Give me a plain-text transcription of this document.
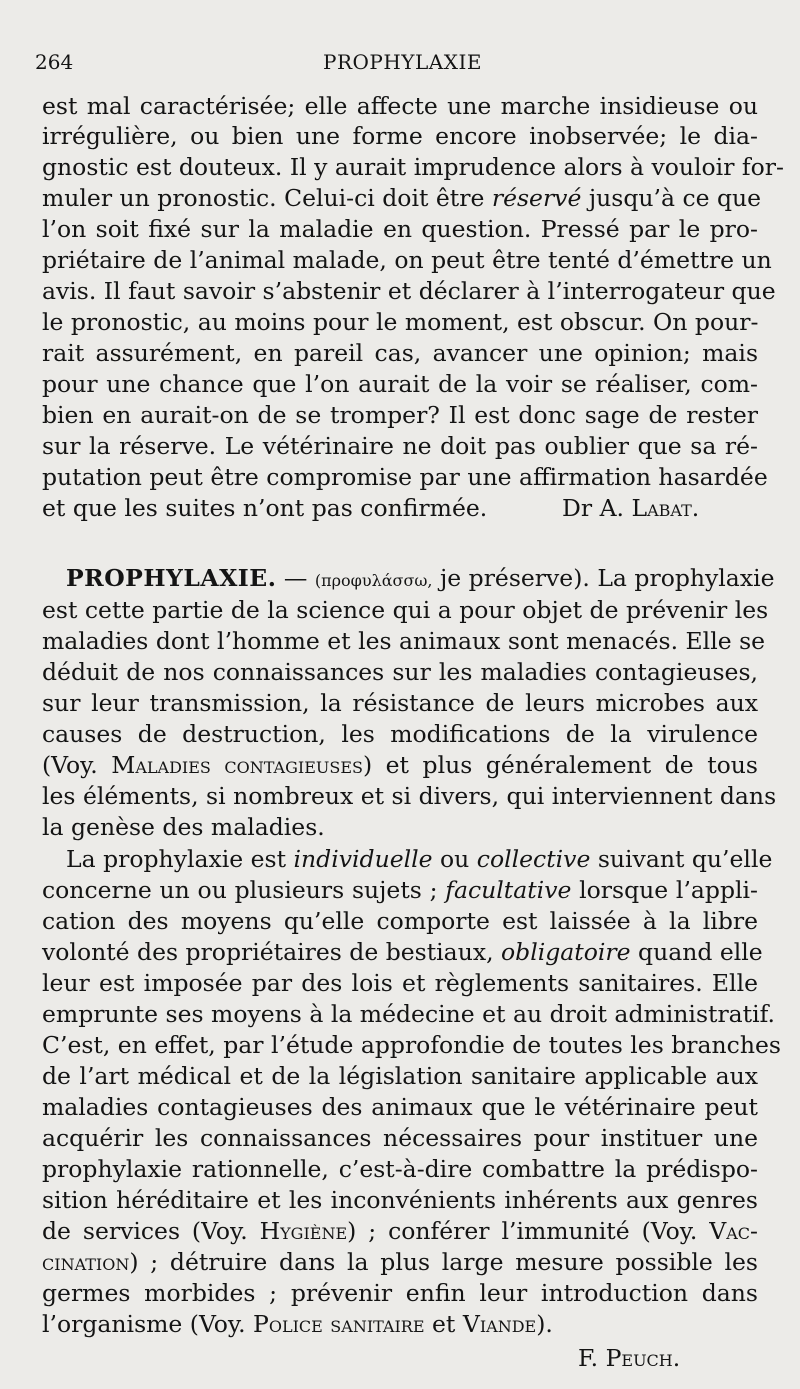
264	PROPHYLAXIE
est mal caractérisée; elle affecte une marche insidieuse ou
irrégulière, ou bien une forme encore inobservée; le dia-
gnostic est douteux. Il y aurait imprudence alors à vouloir for-
muler un pronostic. Celui-ci doit être réservé jusqu’à ce que
l’on soit fixé sur la maladie en question. Pressé par le pro-
priétaire de l’animal malade, on peut être tenté d’émettre un
avis. Il faut savoir s’abstenir et déclarer à l’interrogateur que
le pronostic, au moins pour le moment, est obscur. On pour-
rait assurément, en pareil cas, avancer une opinion; mais
pour une chance que l’on aurait de la voir se réaliser, com-
bien en aurait-on de se tromper? Il est donc sage de rester
sur la réserve. Le vétérinaire ne doit pas oublier que sa ré-
putation peut être compromise par une affirmation hasardée
et que les suites n’ont pas confirmée.	Dr A. Labat.
PROPHYLAXIE. — (προφυλάσσω, je préserve). La prophylaxie
est cette partie de la science qui a pour objet de prévenir les
maladies dont l’homme et les animaux sont menacés. Elle se
déduit de nos connaissances sur les maladies contagieuses,
sur leur transmission, la résistance de leurs microbes aux
causes de destruction, les modifications de la virulence
(Voy. Maladies contagieuses) et plus généralement de tous
les éléments, si nombreux et si divers, qui interviennent dans
la genèse des maladies.
La prophylaxie est individuelle ou collective suivant qu’elle
concerne un ou plusieurs sujets ; facultative lorsque l’appli-
cation des moyens qu’elle comporte est laissée à la libre
volonté des propriétaires de bestiaux, obligatoire quand elle
leur est imposée par des lois et règlements sanitaires. Elle
emprunte ses moyens à la médecine et au droit administratif.
C’est, en effet, par l’étude approfondie de toutes les branches
de l’art médical et de la législation sanitaire applicable aux
maladies contagieuses des animaux que le vétérinaire peut
acquérir les connaissances nécessaires pour instituer une
prophylaxie rationnelle, c’est-à-dire combattre la prédispo-
sition héréditaire et les inconvénients inhérents aux genres
de services (Voy. Hygiène) ; conférer l’immunité (Voy. Vac-
cination) ; détruire dans la plus large mesure possible les
germes morbides ; prévenir enfin leur introduction dans
l’organisme (Voy. Police sanitaire et Viande).
F. Peuch.
